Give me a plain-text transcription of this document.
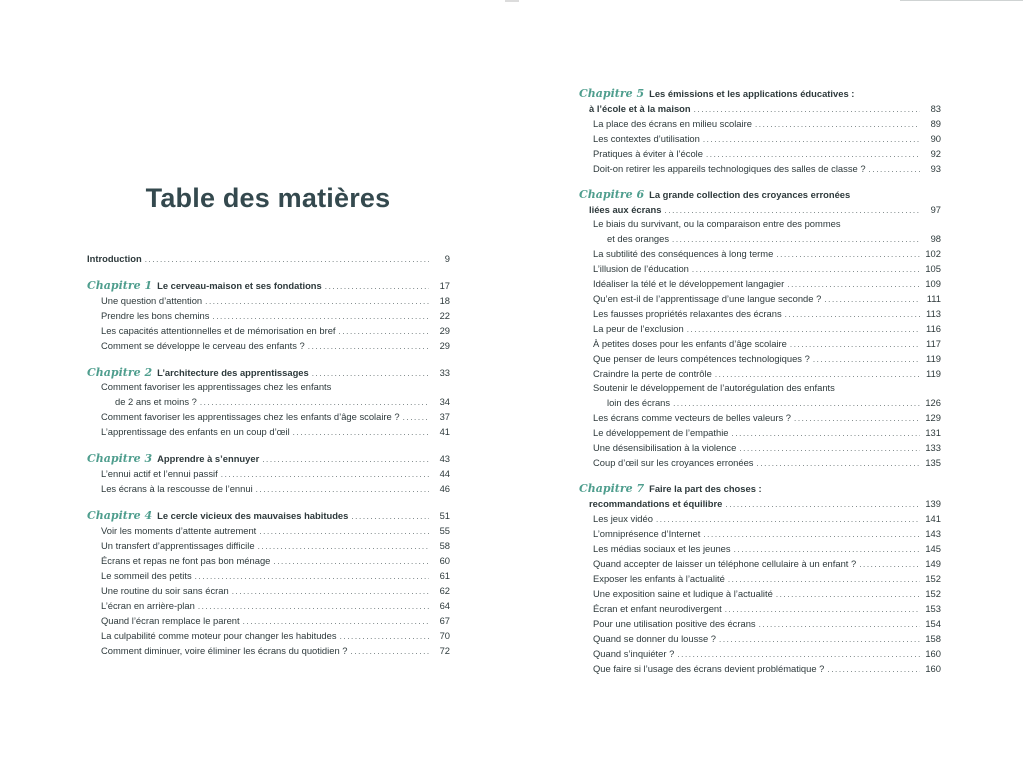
Table des matières
Introduction .....	9
Chapitre 1 Le cerveau-maison et ses fondations .....	17
Une question d’attention .....	18
Prendre les bons chemins .....	22
Les capacités attentionnelles et de mémorisation en bref .....	29
Comment se développe le cerveau des enfants ? .....	29
Chapitre 2 L’architecture des apprentissages .....	33
Comment favoriser les apprentissages chez les enfants
de 2 ans et moins ? .....	34
Comment favoriser les apprentissages chez les enfants d’âge scolaire ? .....	37
L’apprentissage des enfants en un coup d’œil .....	41
Chapitre 3 Apprendre à s’ennuyer .....	43
L’ennui actif et l’ennui passif .....	44
Les écrans à la rescousse de l’ennui .....	46
Chapitre 4 Le cercle vicieux des mauvaises habitudes .....	51
Voir les moments d’attente autrement .....	55
Un transfert d’apprentissages difficile .....	58
Écrans et repas ne font pas bon ménage .....	60
Le sommeil des petits .....	61
Une routine du soir sans écran .....	62
L’écran en arrière-plan .....	64
Quand l’écran remplace le parent .....	67
La culpabilité comme moteur pour changer les habitudes .....	70
Comment diminuer, voire éliminer les écrans du quotidien ? .....	72
Chapitre 5 Les émissions et les applications éducatives :
à l’école et à la maison .....	83
La place des écrans en milieu scolaire .....	89
Les contextes d’utilisation .....	90
Pratiques à éviter à l’école .....	92
Doit-on retirer les appareils technologiques des salles de classe ? .....	93
Chapitre 6 La grande collection des croyances erronées
liées aux écrans .....	97
Le biais du survivant, ou la comparaison entre des pommes
et des oranges .....	98
La subtilité des conséquences à long terme .....	102
L’illusion de l’éducation .....	105
Idéaliser la télé et le développement langagier .....	109
Qu’en est-il de l’apprentissage d’une langue seconde ? .....	111
Les fausses propriétés relaxantes des écrans .....	113
La peur de l’exclusion .....	116
À petites doses pour les enfants d’âge scolaire .....	117
Que penser de leurs compétences technologiques ? .....	119
Craindre la perte de contrôle .....	119
Soutenir le développement de l’autorégulation des enfants
loin des écrans .....	126
Les écrans comme vecteurs de belles valeurs ? .....	129
Le développement de l’empathie .....	131
Une désensibilisation à la violence .....	133
Coup d’œil sur les croyances erronées .....	135
Chapitre 7 Faire la part des choses :
recommandations et équilibre .....	139
Les jeux vidéo .....	141
L’omniprésence d’Internet .....	143
Les médias sociaux et les jeunes .....	145
Quand accepter de laisser un téléphone cellulaire à un enfant ? .....	149
Exposer les enfants à l’actualité .....	152
Une exposition saine et ludique à l’actualité .....	152
Écran et enfant neurodivergent .....	153
Pour une utilisation positive des écrans .....	154
Quand se donner du lousse ? .....	158
Quand s’inquiéter ? .....	160
Que faire si l’usage des écrans devient problématique ? .....	160
